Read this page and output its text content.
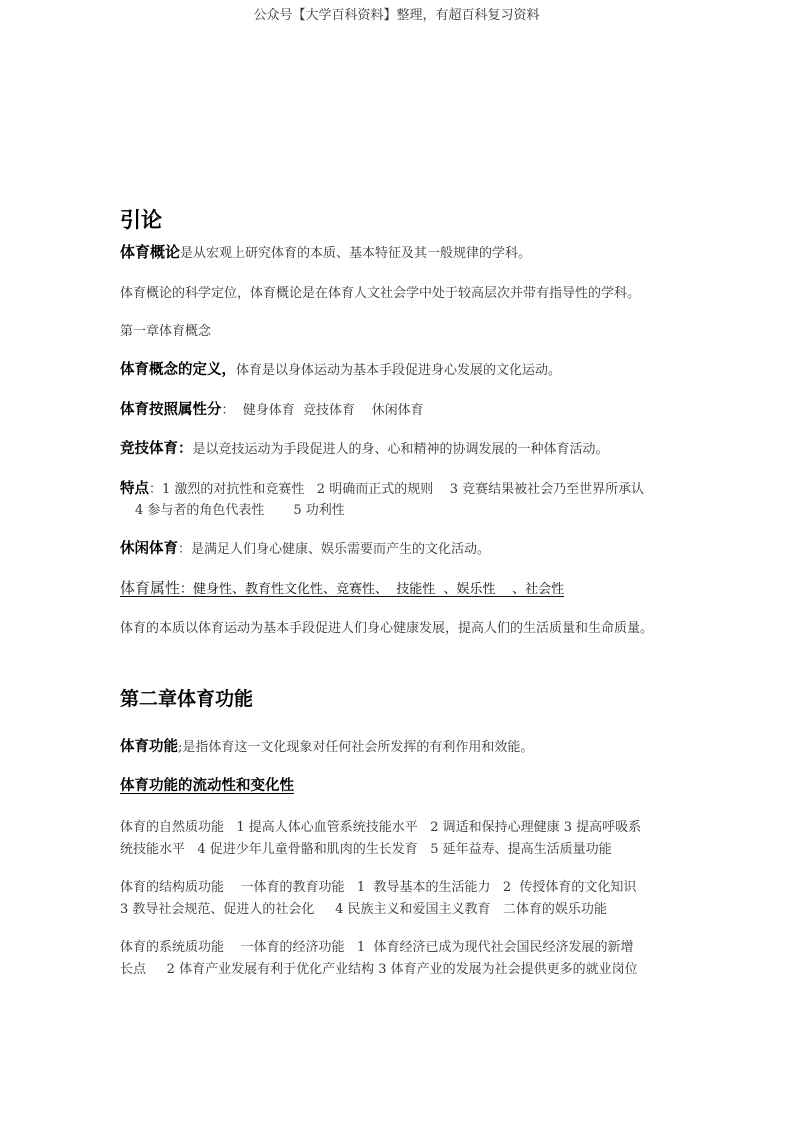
公众号【大学百科资料】整理，有超百科复习资料
引论
体育概论是从宏观上研究体育的本质、基本特征及其一般规律的学科。
体育概论的科学定位，体育概论是在体育人文社会学中处于较高层次并带有指导性的学科。
第一章体育概念
体育概念的定义，体育是以身体运动为基本手段促进身心发展的文化运动。
体育按照属性分：  健身体育  竞技体育    休闲体育
竞技体育：是以竞技运动为手段促进人的身、心和精神的协调发展的一种体育活动。
特点：1 激烈的对抗性和竞赛性   2 明确而正式的规则    3 竞赛结果被社会乃至世界所承认
4 参与者的角色代表性       5 功利性
休闲体育：是满足人们身心健康、娱乐需要而产生的文化活动。
体育属性：健身性、教育性文化性、竞赛性、  技能性  、娱乐性    、社会性
体育的本质以体育运动为基本手段促进人们身心健康发展，提高人们的生活质量和生命质量。
第二章体育功能
体育功能;是指体育这一文化现象对任何社会所发挥的有利作用和效能。
体育功能的流动性和变化性
体育的自然质功能   1 提高人体心血管系统技能水平   2 调适和保持心理健康 3 提高呼吸系
统技能水平   4 促进少年儿童骨骼和肌肉的生长发育   5 延年益寿、提高生活质量功能
体育的结构质功能    一体育的教育功能   1  教导基本的生活能力   2  传授体育的文化知识
3 教导社会规范、促进人的社会化     4 民族主义和爱国主义教育   二体育的娱乐功能
体育的系统质功能    一体育的经济功能   1  体育经济已成为现代社会国民经济发展的新增
长点     2 体育产业发展有利于优化产业结构 3 体育产业的发展为社会提供更多的就业岗位
